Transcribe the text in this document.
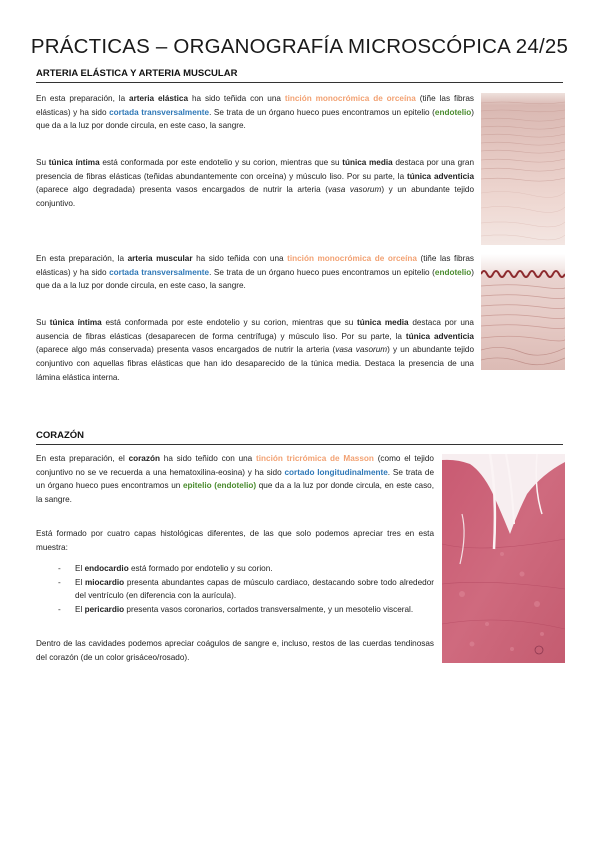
PRÁCTICAS – ORGANOGRAFÍA MICROSCÓPICA 24/25
ARTERIA ELÁSTICA Y ARTERIA MUSCULAR

En esta preparación, la arteria elástica ha sido teñida con una tinción monocrómica de orceína (tiñe las fibras elásticas) y ha sido cortada transversalmente. Se trata de un órgano hueco pues encontramos un epitelio (endotelio) que da a la luz por donde circula, en este caso, la sangre.

Su túnica íntima está conformada por este endotelio y su corion, mientras que su túnica media destaca por una gran presencia de fibras elásticas (teñidas abundantemente con orceína) y músculo liso. Por su parte, la túnica adventicia (aparece algo degradada) presenta vasos encargados de nutrir la arteria (vasa vasorum) y un abundante tejido conjuntivo.

En esta preparación, la arteria muscular ha sido teñida con una tinción monocrómica de orceína (tiñe las fibras elásticas) y ha sido cortada transversalmente. Se trata de un órgano hueco pues encontramos un epitelio (endotelio) que da a la luz por donde circula, en este caso, la sangre.

Su túnica íntima está conformada por este endotelio y su corion, mientras que su túnica media destaca por una ausencia de fibras elásticas (desaparecen de forma centrífuga) y músculo liso. Por su parte, la túnica adventicia (aparece algo más conservada) presenta vasos encargados de nutrir la arteria (vasa vasorum) y un abundante tejido conjuntivo con aquellas fibras elásticas que han ido desaparecido de la túnica media. Destaca la presencia de una lámina elástica interna.

CORAZÓN

En esta preparación, el corazón ha sido teñido con una tinción tricrómica de Masson (como el tejido conjuntivo no se ve recuerda a una hematoxilina-eosina) y ha sido cortado longitudinalmente. Se trata de un órgano hueco pues encontramos un epitelio (endotelio) que da a la luz por donde circula, en este caso, la sangre.

Está formado por cuatro capas histológicas diferentes, de las que solo podemos apreciar tres en esta muestra:

- El endocardio está formado por endotelio y su corion.
- El miocardio presenta abundantes capas de músculo cardiaco, destacando sobre todo alrededor del ventrículo (en diferencia con la aurícula).
- El pericardio presenta vasos coronarios, cortados transversalmente, y un mesotelio visceral.

Dentro de las cavidades podemos apreciar coágulos de sangre e, incluso, restos de las cuerdas tendinosas del corazón (de un color grisáceo/rosado).
